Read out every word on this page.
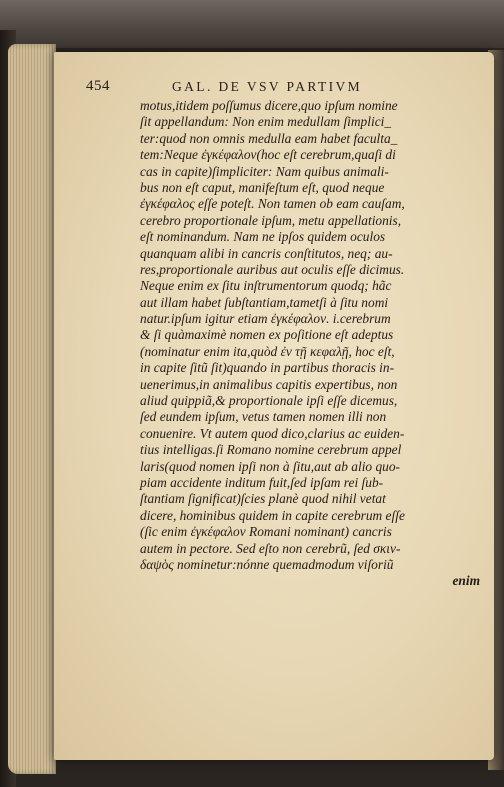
454	GAL. DE VSV PARTIVM
motus,itidem poſſumus dicere,quo ipſum nomine
ſit appellandum: Non enim medullam ſimplici_
ter:quod non omnis medulla eam habet faculta_
tem:Neque ἐγκέφαλον(hoc eſt cerebrum,quaſi di
cas in capite)ſimpliciter: Nam quibus animali-
bus non eſt caput, manifeſtum eſt, quod neque
ἐγκέφαλος eſſe poteſt. Non tamen ob eam cauſam,
cerebro proportionale ipſum, metu appellationis,
eſt nominandum. Nam ne ipſos quidem oculos
quanquam alibi in cancris conſtitutos, neq; au-
res,proportionale auribus aut oculis eſſe dicimus.
Neque enim ex ſitu inſtrumentorum quodq; hãc
aut illam habet ſubſtantiam,tametſi à ſitu nomi
natur.ipſum igitur etiam ἐγκέφαλον. i.cerebrum
& ſi quàmaximè nomen ex poſitione eſt adeptus
(nominatur enim ita,quòd ἐν τῇ κεφαλῇ, hoc eſt,
in capite ſitũ ſit)quando in partibus thoracis in-
uenerimus,in animalibus capitis expertibus, non
aliud quippiã,& proportionale ipſi eſſe dicemus,
ſed eundem ipſum, vetus tamen nomen illi non
conuenire. Vt autem quod dico,clarius ac euiden-
tius intelligas.ſi Romano nomine cerebrum appel
laris(quod nomen ipſi non à ſitu,aut ab alio quo-
piam accidente inditum fuit,ſed ipſam rei ſub-
ſtantiam ſignificat)ſcies planè quod nihil vetat
dicere, hominibus quidem in capite cerebrum eſſe
(ſic enim ἐγκέφαλον Romani nominant) cancris
autem in pectore. Sed eſto non cerebrũ, ſed σκιν-
δαψὸς nominetur:nónne quemadmodum viſoriũ
enim
